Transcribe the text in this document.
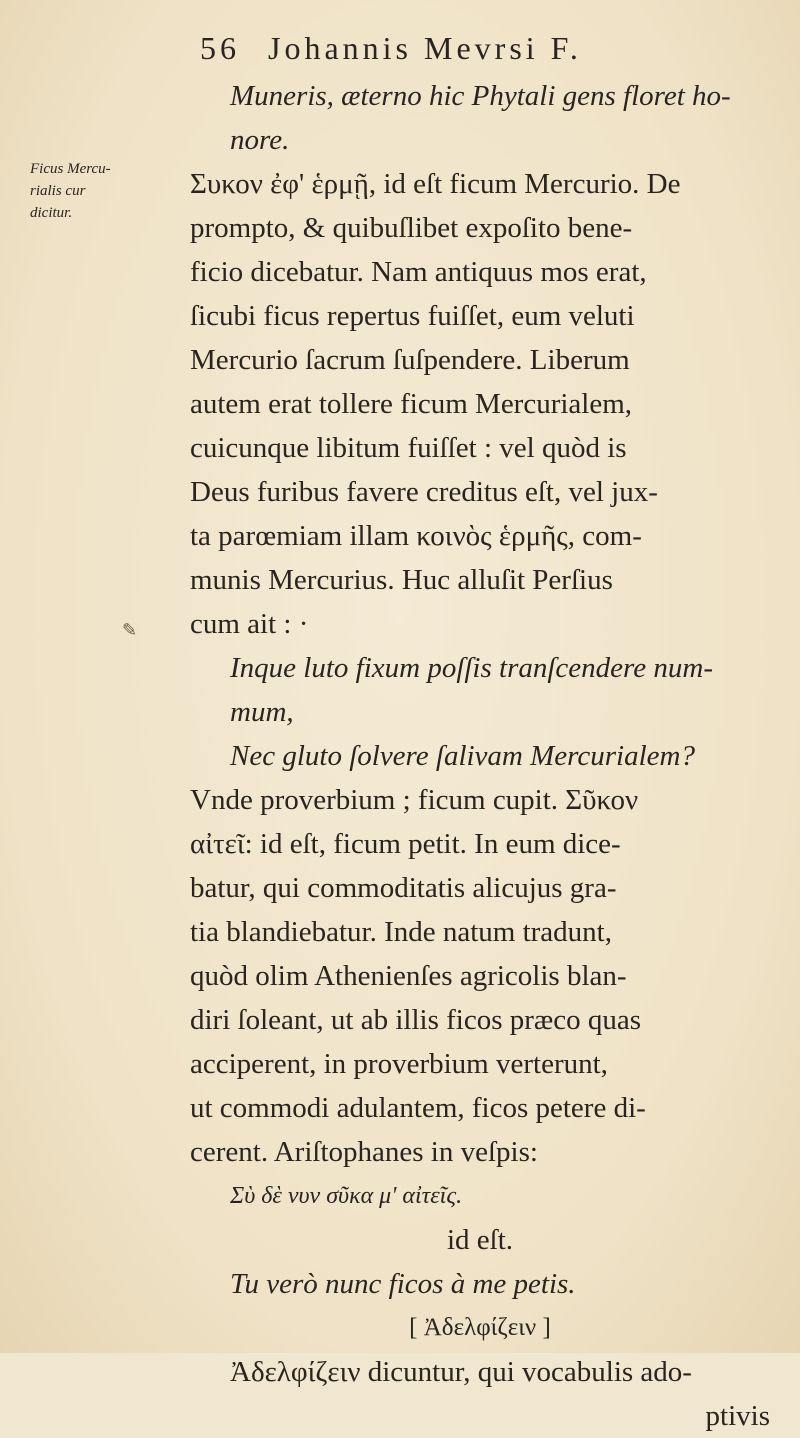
56 Johannis Mevrsi F.
Ficus Mercu-
rialis cur
dicitur.
✎
Muneris, æterno hic Phytali gens floret ho-
nore.
Συκον ἐφ' ἑρμῇ, id eſt ficum Mercurio. De
prompto, & quibuſlibet expoſito bene-
ficio dicebatur. Nam antiquus mos erat,
ſicubi ficus repertus fuiſſet, eum veluti
Mercurio ſacrum ſuſpendere. Liberum
autem erat tollere ficum Mercurialem,
cuicunque libitum fuiſſet : vel quòd is
Deus furibus favere creditus eſt, vel jux-
ta parœmiam illam κοινὸς ἑρμῆς, com-
munis Mercurius. Huc alluſit Perſius
cum ait : ·
Inque luto fixum poſſis tranſcendere num-
mum,
Nec gluto ſolvere ſalivam Mercurialem?
Vnde proverbium ; ficum cupit. Σῦκον
αἰτεῖ: id eſt, ficum petit. In eum dice-
batur, qui commoditatis alicujus gra-
tia blandiebatur. Inde natum tradunt,
quòd olim Athenienſes agricolis blan-
diri ſoleant, ut ab illis ficos præco quas
acciperent, in proverbium verterunt,
ut commodi adulantem, ficos petere di-
cerent. Ariſtophanes in veſpis:
Σὺ δὲ νυν σῦκα μ' αἰτεῖς.
id eſt.
Tu verò nunc ficos à me petis.
[ Ἀδελφίζειν ]
Ἀδελφίζειν dicuntur, qui vocabulis ado-
ptivis
